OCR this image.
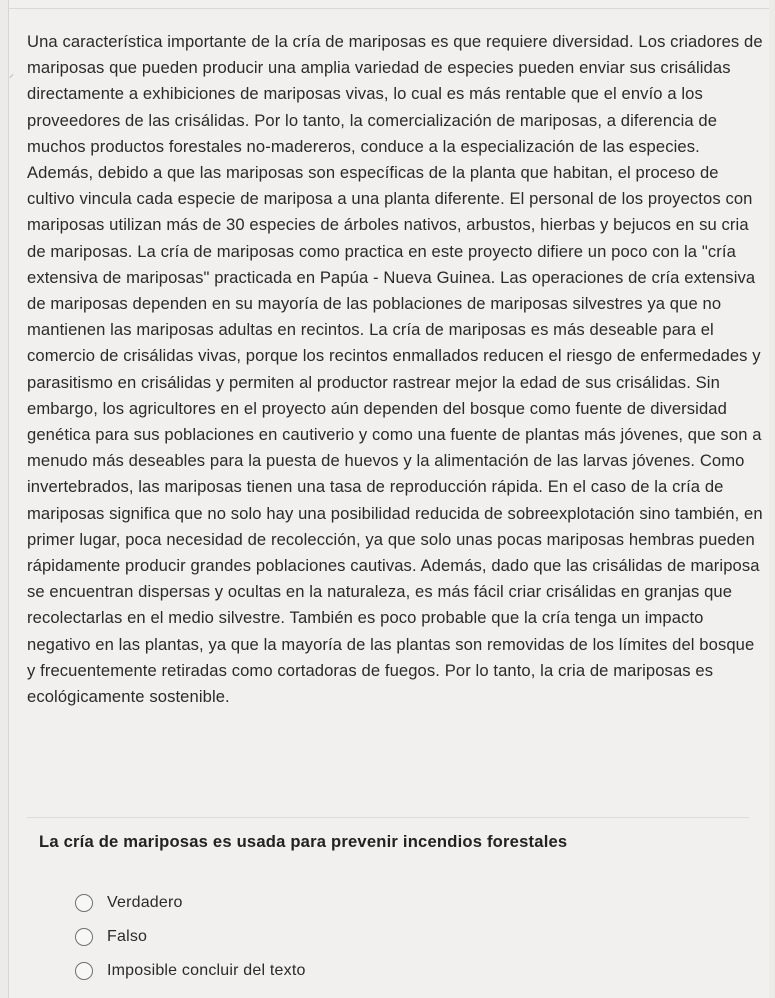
⸝

Una característica importante de la cría de mariposas es que requiere diversidad. Los criadores de mariposas que pueden producir una amplia variedad de especies pueden enviar sus crisálidas directamente a exhibiciones de mariposas vivas, lo cual es más rentable que el envío a los proveedores de las crisálidas. Por lo tanto, la comercialización de mariposas, a diferencia de muchos productos forestales no-madereros, conduce a la especialización de las especies. Además, debido a que las mariposas son específicas de la planta que habitan, el proceso de cultivo vincula cada especie de mariposa a una planta diferente. El personal de los proyectos con mariposas utilizan más de 30 especies de árboles nativos, arbustos, hierbas y bejucos en su cria de mariposas. La cría de mariposas como practica en este proyecto difiere un poco con la "cría extensiva de mariposas" practicada en Papúa - Nueva Guinea. Las operaciones de cría extensiva de mariposas dependen en su mayoría de las poblaciones de mariposas silvestres ya que no mantienen las mariposas adultas en recintos. La cría de mariposas es más deseable para el comercio de crisálidas vivas, porque los recintos enmallados reducen el riesgo de enfermedades y parasitismo en crisálidas y permiten al productor rastrear mejor la edad de sus crisálidas. Sin embargo, los agricultores en el proyecto aún dependen del bosque como fuente de diversidad genética para sus poblaciones en cautiverio y como una fuente de plantas más jóvenes, que son a menudo más deseables para la puesta de huevos y la alimentación de las larvas jóvenes. Como invertebrados, las mariposas tienen una tasa de reproducción rápida. En el caso de la cría de mariposas significa que no solo hay una posibilidad reducida de sobreexplotación sino también, en primer lugar, poca necesidad de recolección, ya que solo unas pocas mariposas hembras pueden rápidamente producir grandes poblaciones cautivas. Además, dado que las crisálidas de mariposa se encuentran dispersas y ocultas en la naturaleza, es más fácil criar crisálidas en granjas que recolectarlas en el medio silvestre. También es poco probable que la cría tenga un impacto negativo en las plantas, ya que la mayoría de las plantas son removidas de los límites del bosque y frecuentemente retiradas como cortadoras de fuegos. Por lo tanto, la cria de mariposas es ecológicamente sostenible.

La cría de mariposas es usada para prevenir incendios forestales

Verdadero
Falso
Imposible concluir del texto
